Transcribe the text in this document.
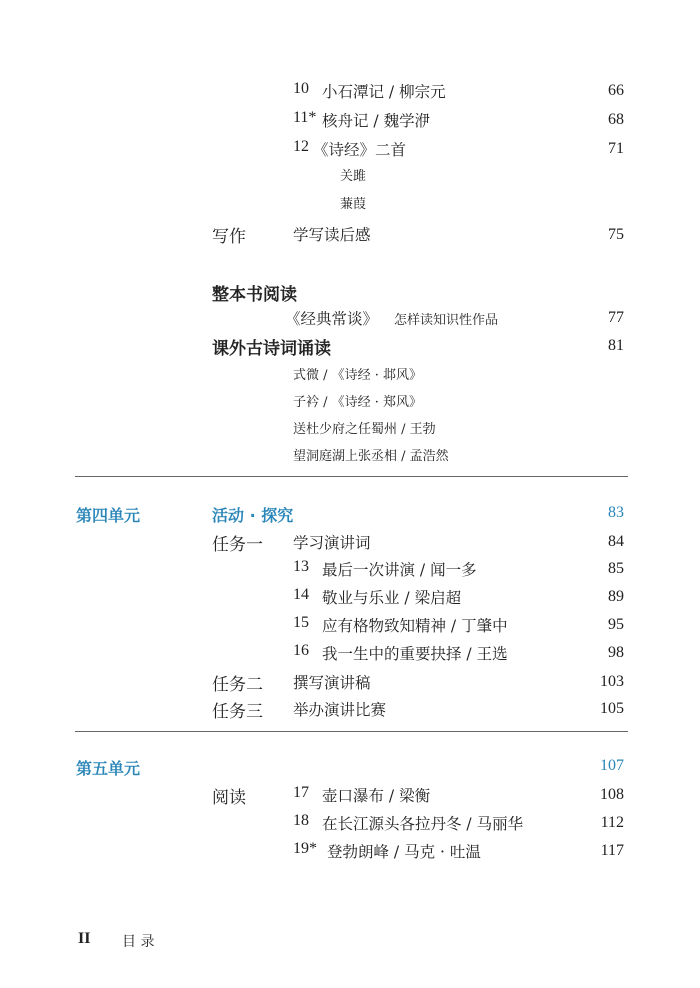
10 小石潭记 / 柳宗元	66
11* 核舟记 / 魏学洢	68
12 《诗经》二首	71
关雎
蒹葭
写作	学写读后感	75
整本书阅读
《经典常谈》 怎样读知识性作品	77
课外古诗词诵读	81
式微 / 《诗经 · 邶风》
子衿 / 《诗经 · 郑风》
送杜少府之任蜀州 / 王勃
望洞庭湖上张丞相 / 孟浩然
第四单元	活动 · 探究	83
任务一 学习演讲词	84
13 最后一次讲演 / 闻一多	85
14 敬业与乐业 / 梁启超	89
15 应有格物致知精神 / 丁肇中	95
16 我一生中的重要抉择 / 王选	98
任务二 撰写演讲稿	103
任务三 举办演讲比赛	105
第五单元	107
阅读	17 壶口瀑布 / 梁衡	108
18 在长江源头各拉丹冬 / 马丽华	112
19* 登勃朗峰 / 马克 · 吐温	117
II 目 录
